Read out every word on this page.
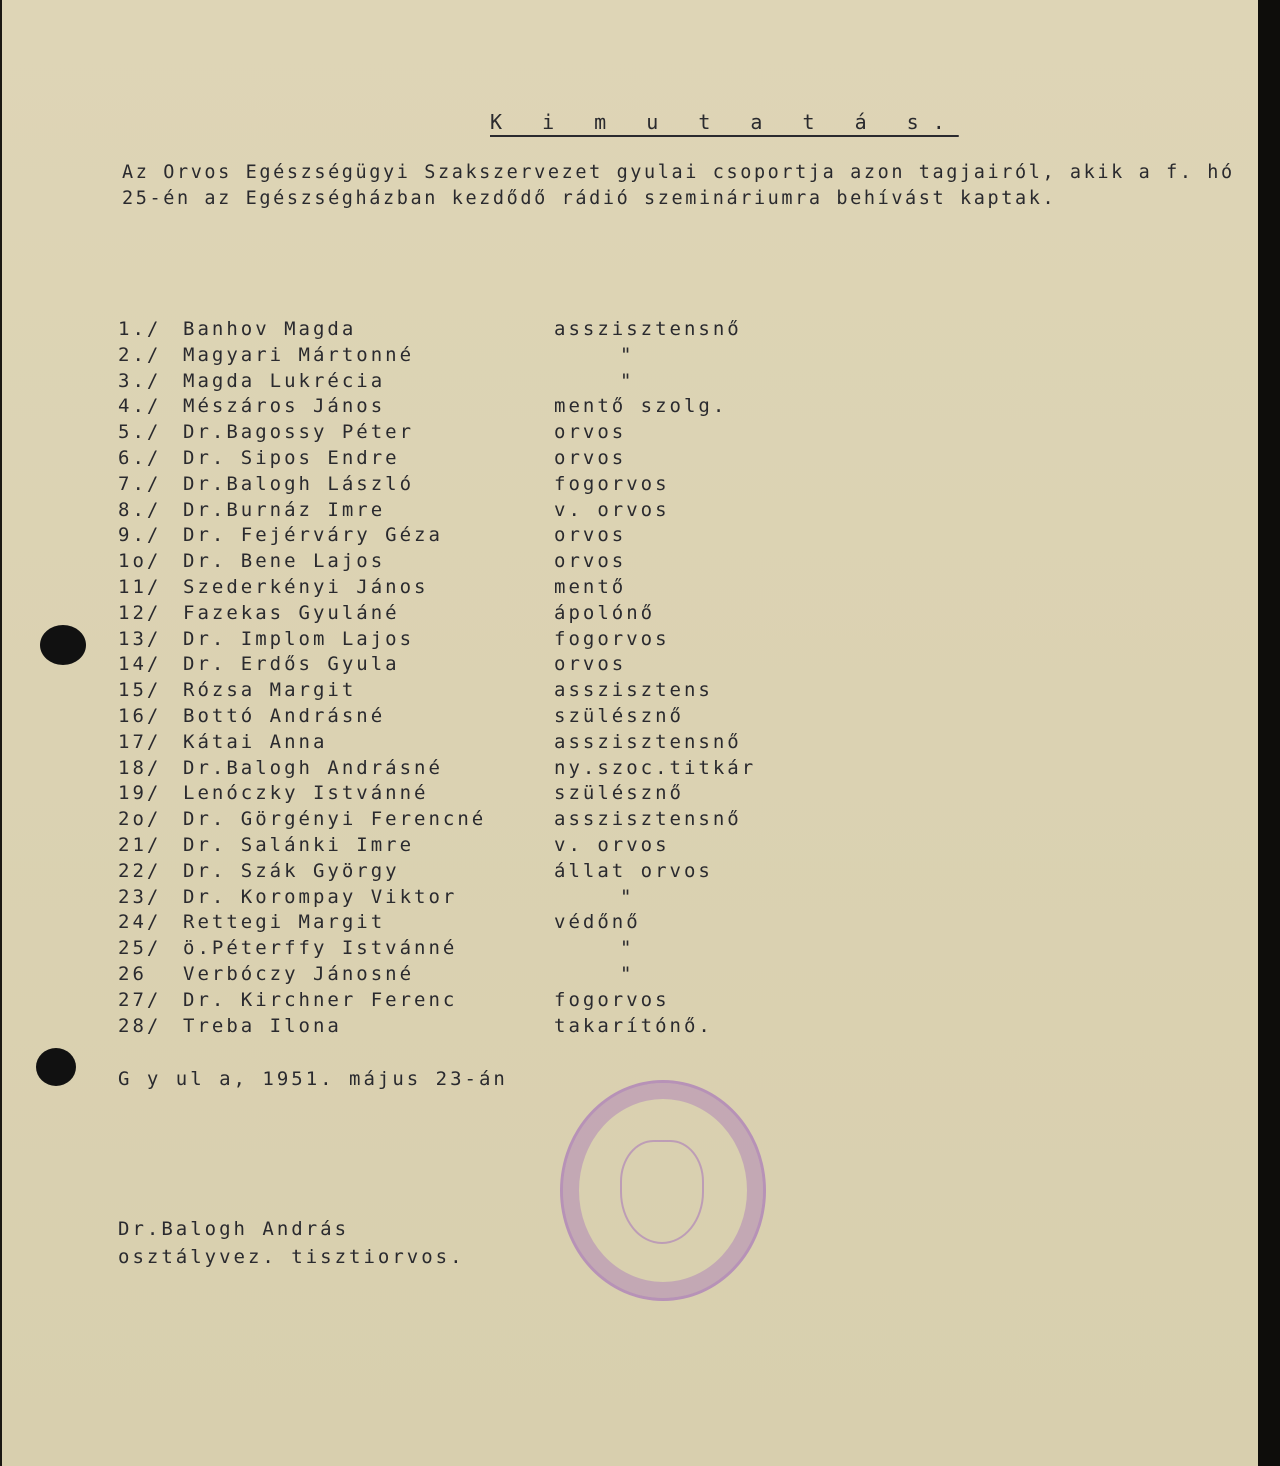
K i m u t a t á s.
Az Orvos Egészségügyi Szakszervezet gyulai csoportja azon tagjairól, akik a f. hó 25-én az Egészségházban kezdődő rádió szemináriumra behívást kaptak.
1./ Banhov Magda	asszisztensnő
2./ Magyari Mártonné	"
3./ Magda Lukrécia	"
4./ Mészáros János	mentő szolg.
5./ Dr.Bagossy Péter	orvos
6./ Dr. Sipos Endre	orvos
7./ Dr.Balogh László	fogorvos
8./ Dr.Burnáz Imre	v. orvos
9./ Dr. Fejérváry Géza	orvos
1o/ Dr. Bene Lajos	orvos
11/ Szederkényi János	mentő
12/ Fazekas Gyuláné	ápolónő
13/ Dr. Implom Lajos	fogorvos
14/ Dr. Erdős Gyula	orvos
15/ Rózsa Margit	asszisztens
16/ Bottó Andrásné	szülésznő
17/ Kátai Anna	asszisztensnő
18/ Dr.Balogh Andrásné	ny.szoc.titkár
19/ Lenóczky Istvánné	szülésznő
2o/ Dr. Görgényi Ferencné	asszisztensnő
21/ Dr. Salánki Imre	v. orvos
22/ Dr. Szák György	állat orvos
23/ Dr. Korompay Viktor	"
24/ Rettegi Margit	védőnő
25/ ö.Péterffy Istvánné	"
26 Verbóczy Jánosné	"
27/ Dr. Kirchner Ferenc	fogorvos
28/ Treba Ilona	takarítónő.
G y ul a, 1951. május 23-án
Dr.Balogh András
osztályvez. tisztiorvos.
